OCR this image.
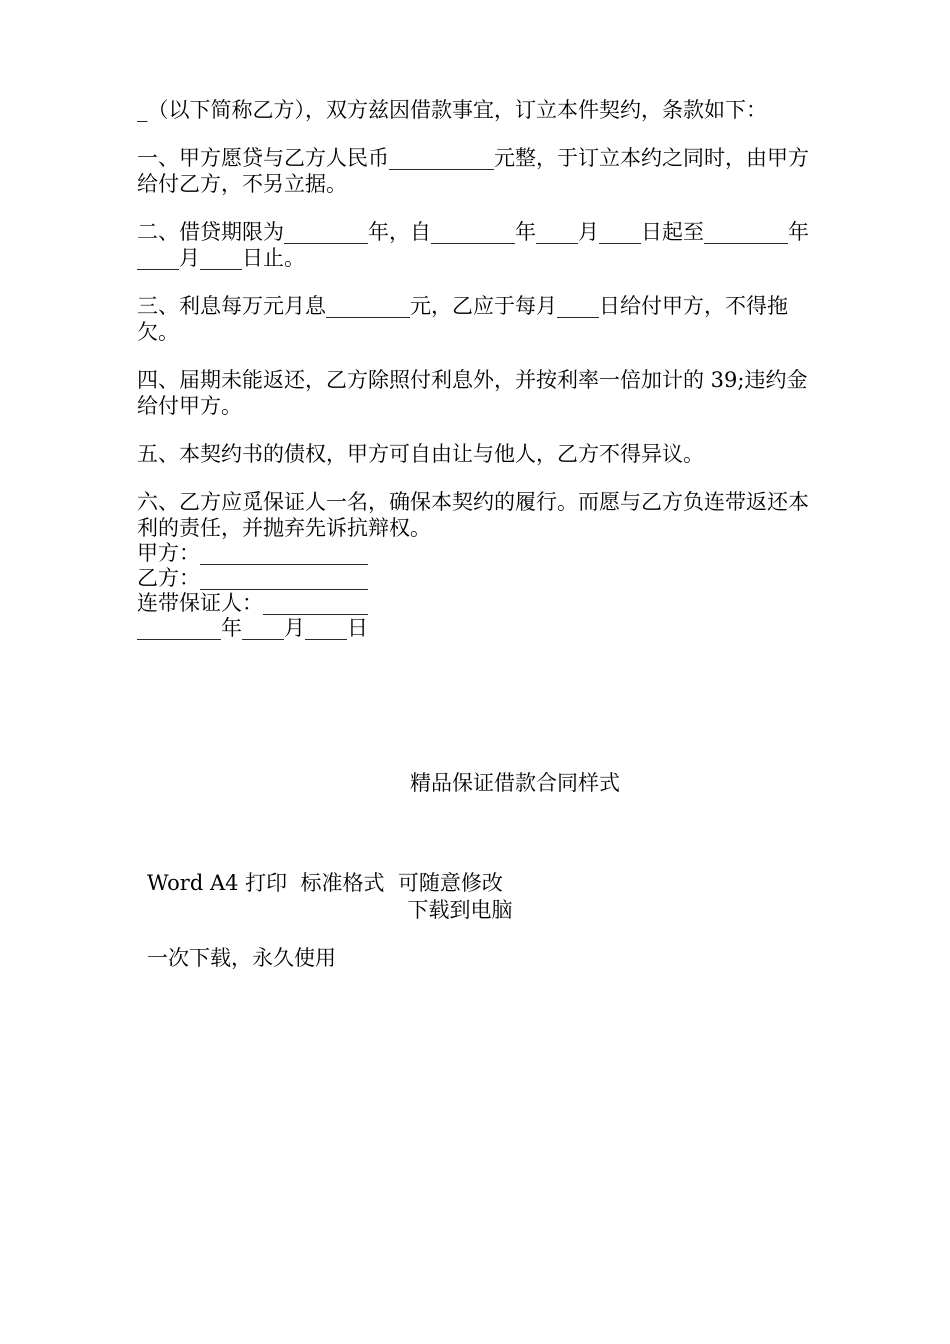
_（以下简称乙方），双方兹因借款事宜，订立本件契约，条款如下：

一、甲方愿贷与乙方人民币__________元整，于订立本约之同时，由甲方给付乙方，不另立据。

二、借贷期限为________年，自________年____月____日起至________年____月____日止。

三、利息每万元月息________元，乙应于每月____日给付甲方，不得拖欠。

四、届期未能返还，乙方除照付利息外，并按利率一倍加计的 39;违约金给付甲方。

五、本契约书的债权，甲方可自由让与他人，乙方不得异议。

六、乙方应觅保证人一名，确保本契约的履行。而愿与乙方负连带返还本利的责任，并抛弃先诉抗辩权。

甲方：________________

乙方：________________

连带保证人：__________

________年____月____日

精品保证借款合同样式

Word A4 打印  标准格式  可随意修改

一次下载，永久使用

下载到电脑
